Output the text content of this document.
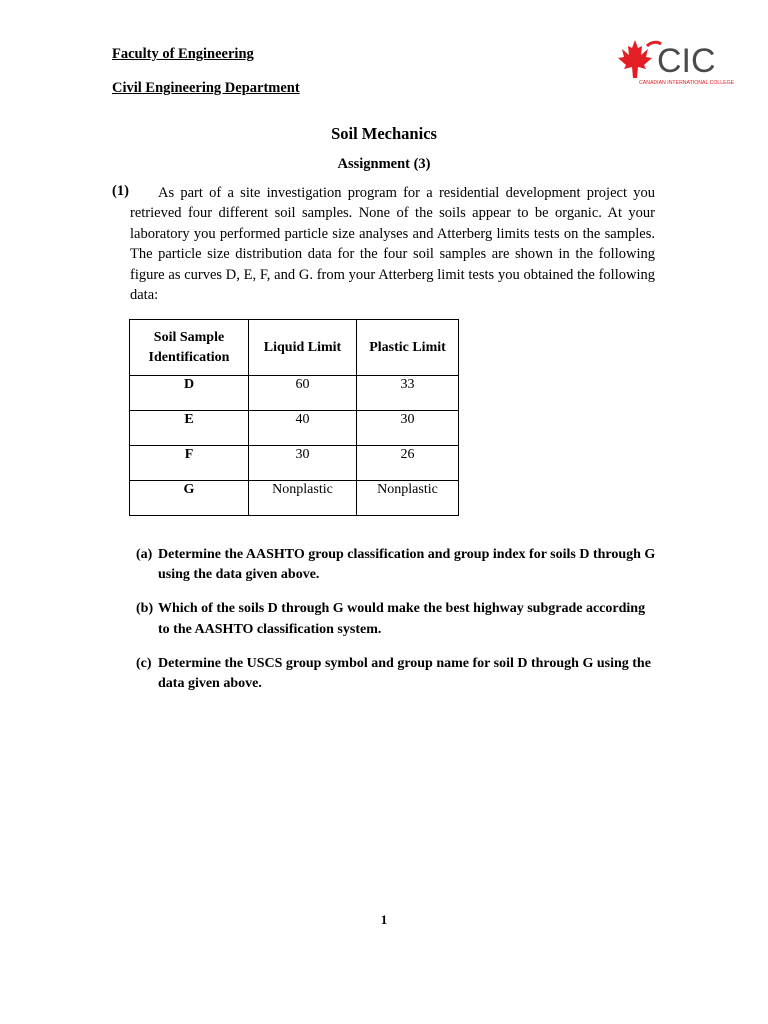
Faculty of Engineering
Civil Engineering Department
CIC
CANADIAN INTERNATIONAL COLLEGE
Soil Mechanics
Assignment (3)
(1)	As part of a site investigation program for a residential development project you retrieved four different soil samples. None of the soils appear to be organic. At your laboratory you performed particle size analyses and Atterberg limits tests on the samples. The particle size distribution data for the four soil samples are shown in the following figure as curves D, E, F, and G. from your Atterberg limit tests you obtained the following data:
Soil Sample Identification	Liquid Limit	Plastic Limit
D	60	33
E	40	30
F	30	26
G	Nonplastic	Nonplastic
(a) Determine the AASHTO group classification and group index for soils D through G using the data given above.
(b) Which of the soils D through G would make the best highway subgrade according to the AASHTO classification system.
(c) Determine the USCS group symbol and group name for soil D through G using the data given above.
1
